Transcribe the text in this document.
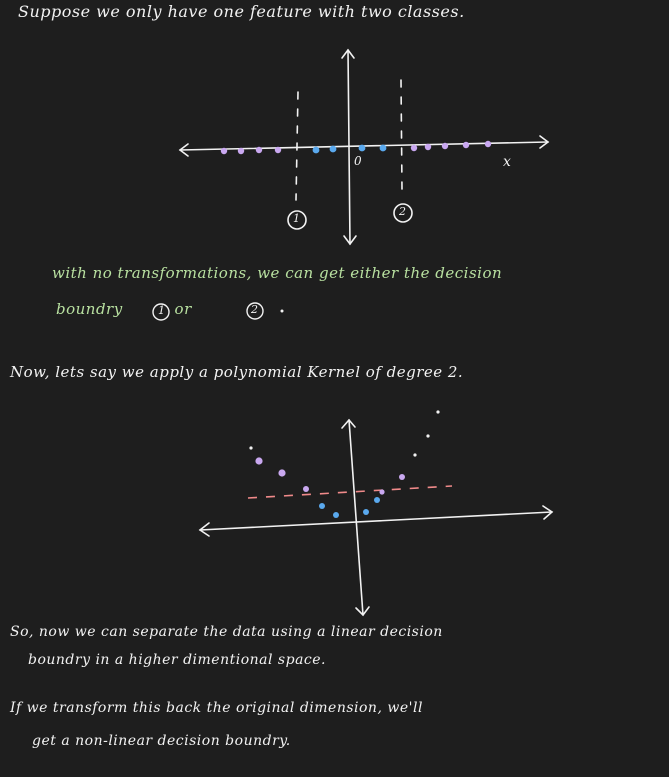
Suppose we only have one feature with two classes.
with no transformations, we can get either the decision
boundry	or
Now, lets say we apply a polynomial Kernel of degree 2.
So, now we can separate the data using a linear decision
boundry in a higher dimentional space.
If we transform this back the original dimension, we'll
get a non-linear decision boundry.
0	x
1
2
1	2
